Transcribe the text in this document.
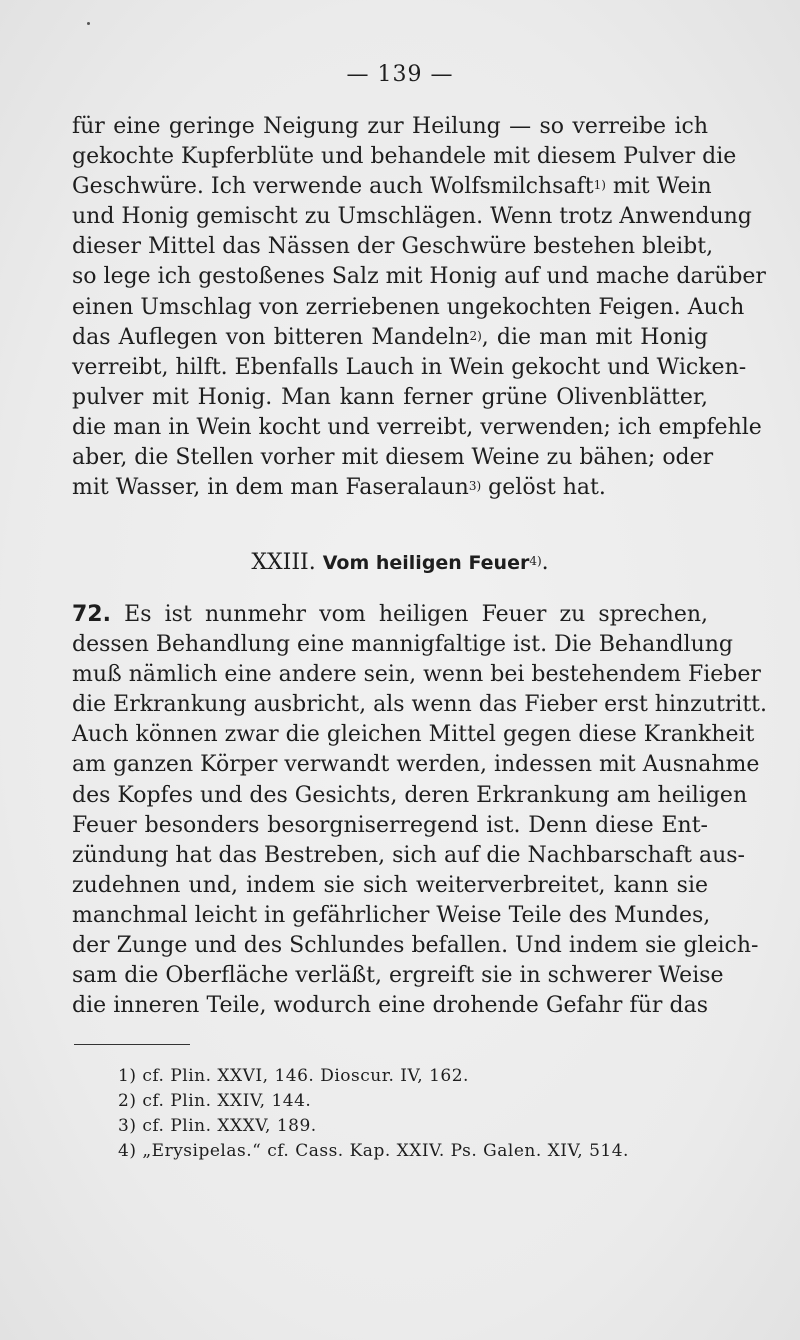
— 139 —
für eine geringe Neigung zur Heilung — so verreibe ich
gekochte Kupferblüte und behandele mit diesem Pulver die
Geschwüre. Ich verwende auch Wolfsmilchsaft$^{1)}$ mit Wein
und Honig gemischt zu Umschlägen. Wenn trotz Anwendung
dieser Mittel das Nässen der Geschwüre bestehen bleibt,
so lege ich gestoßenes Salz mit Honig auf und mache darüber
einen Umschlag von zerriebenen ungekochten Feigen. Auch
das Auflegen von bitteren Mandeln$^{2)}$, die man mit Honig
verreibt, hilft. Ebenfalls Lauch in Wein gekocht und Wicken-
pulver mit Honig. Man kann ferner grüne Olivenblätter,
die man in Wein kocht und verreibt, verwenden; ich empfehle
aber, die Stellen vorher mit diesem Weine zu bähen; oder
mit Wasser, in dem man Faseralaun$^{3)}$ gelöst hat.
XXIII. Vom heiligen Feuer$^{4)}$.
72. Es ist nunmehr vom heiligen Feuer zu sprechen,
dessen Behandlung eine mannigfaltige ist. Die Behandlung
muß nämlich eine andere sein, wenn bei bestehendem Fieber
die Erkrankung ausbricht, als wenn das Fieber erst hinzutritt.
Auch können zwar die gleichen Mittel gegen diese Krankheit
am ganzen Körper verwandt werden, indessen mit Ausnahme
des Kopfes und des Gesichts, deren Erkrankung am heiligen
Feuer besonders besorgniserregend ist. Denn diese Ent-
zündung hat das Bestreben, sich auf die Nachbarschaft aus-
zudehnen und, indem sie sich weiterverbreitet, kann sie
manchmal leicht in gefährlicher Weise Teile des Mundes,
der Zunge und des Schlundes befallen. Und indem sie gleich-
sam die Oberfläche verläßt, ergreift sie in schwerer Weise
die inneren Teile, wodurch eine drohende Gefahr für das
1) cf. Plin. XXVI, 146. Dioscur. IV, 162.
2) cf. Plin. XXIV, 144.
3) cf. Plin. XXXV, 189.
4) „Erysipelas.“ cf. Cass. Kap. XXIV. Ps. Galen. XIV, 514.
